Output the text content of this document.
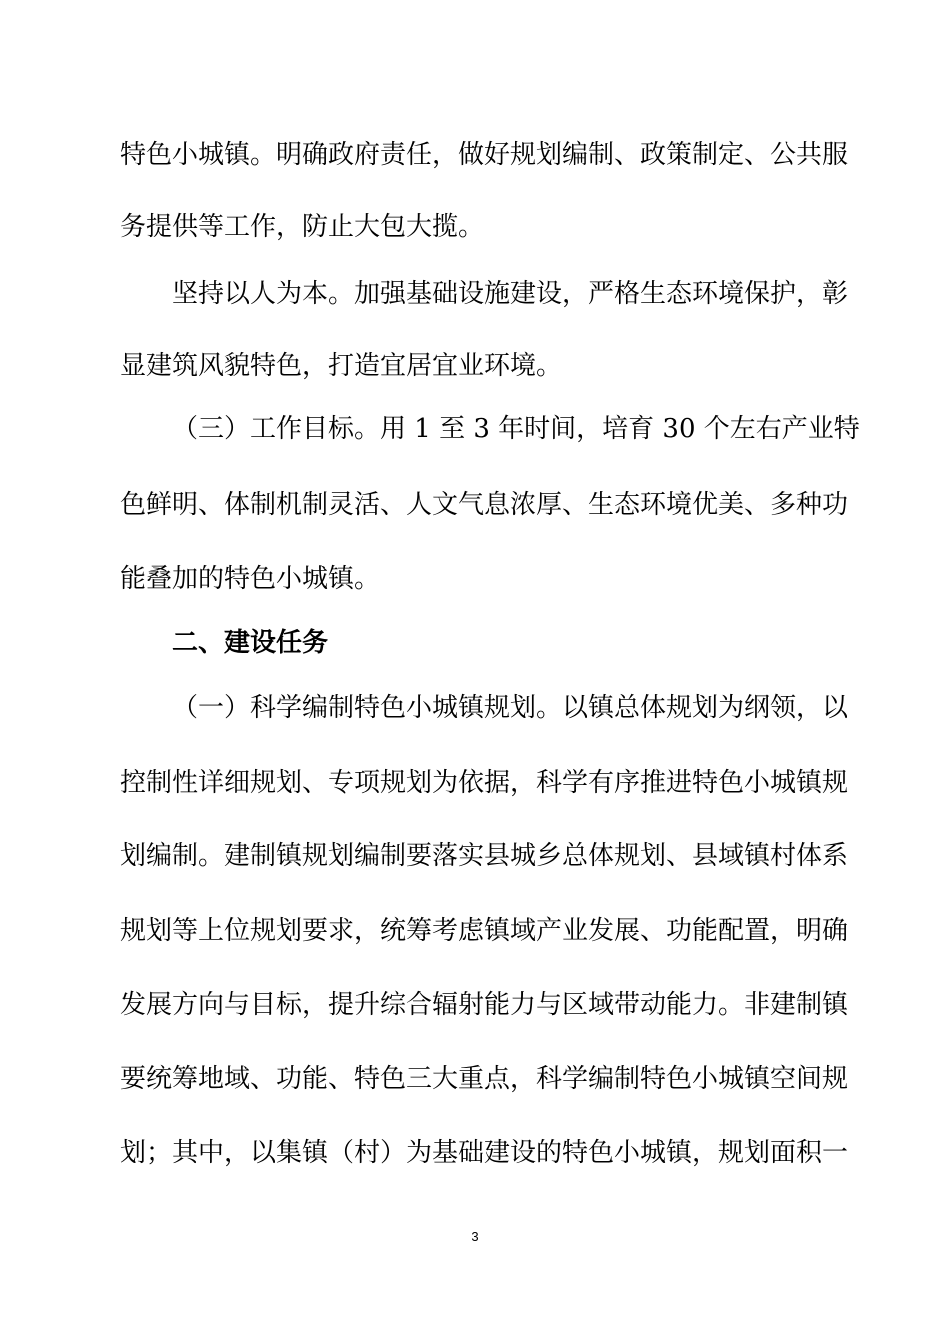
特色小城镇。明确政府责任，做好规划编制、政策制定、公共服
务提供等工作，防止大包大揽。
坚持以人为本。加强基础设施建设，严格生态环境保护，彰
显建筑风貌特色，打造宜居宜业环境。
（三）工作目标。用 1 至 3 年时间，培育 30 个左右产业特
色鲜明、体制机制灵活、人文气息浓厚、生态环境优美、多种功
能叠加的特色小城镇。
二、建设任务
（一）科学编制特色小城镇规划。以镇总体规划为纲领，以
控制性详细规划、专项规划为依据，科学有序推进特色小城镇规
划编制。建制镇规划编制要落实县城乡总体规划、县域镇村体系
规划等上位规划要求，统筹考虑镇域产业发展、功能配置，明确
发展方向与目标，提升综合辐射能力与区域带动能力。非建制镇
要统筹地域、功能、特色三大重点，科学编制特色小城镇空间规
划；其中，以集镇（村）为基础建设的特色小城镇，规划面积一
3
